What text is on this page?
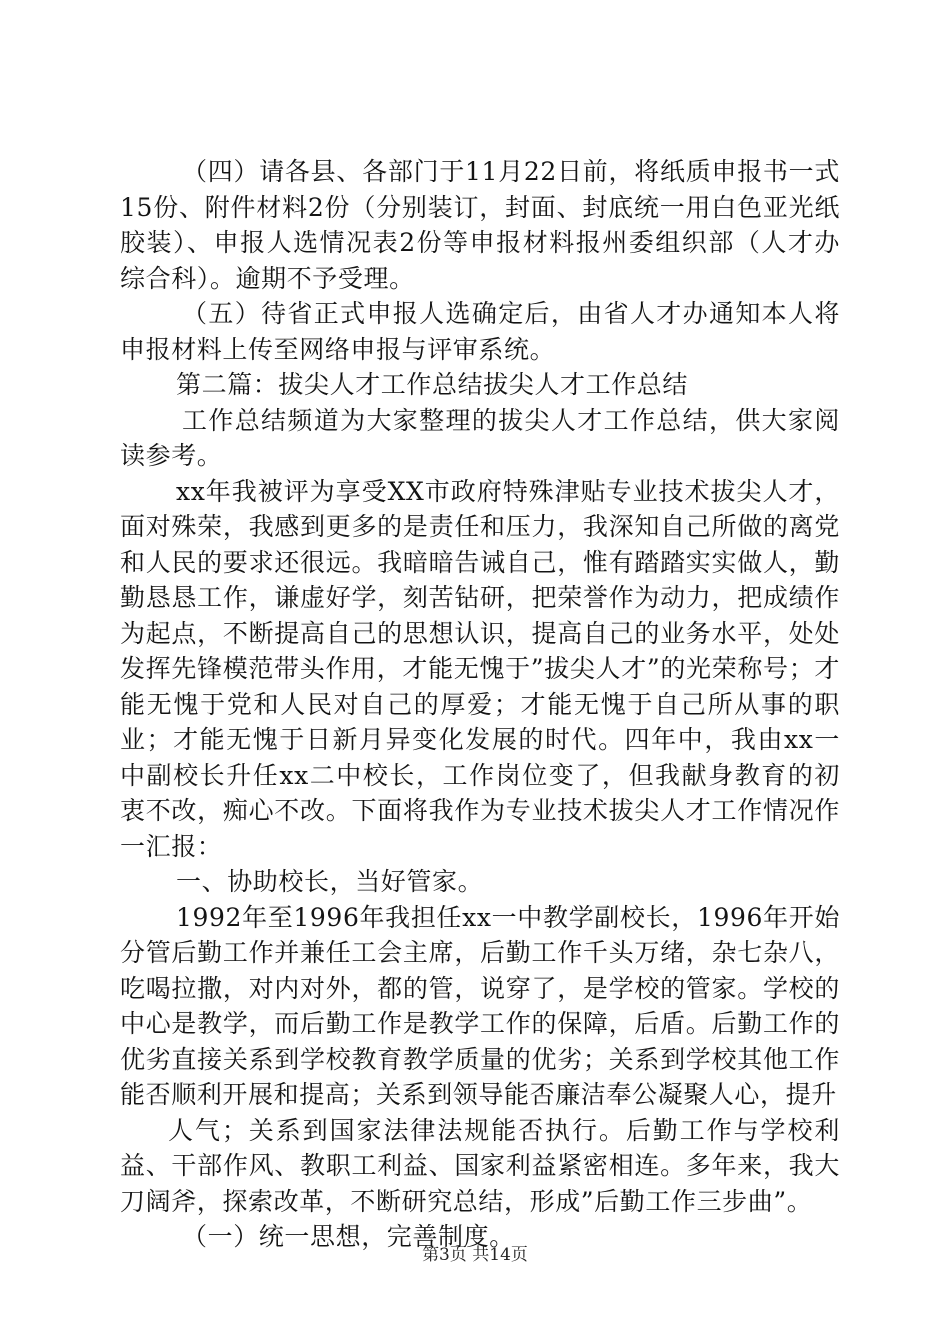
（四）请各县、各部门于11月22日前，将纸质申报书一式15份、附件材料2份（分别装订，封面、封底统一用白色亚光纸胶装）、申报人选情况表2份等申报材料报州委组织部（人才办综合科）。逾期不予受理。

（五）待省正式申报人选确定后，由省人才办通知本人将申报材料上传至网络申报与评审系统。

第二篇：拔尖人才工作总结拔尖人才工作总结

工作总结频道为大家整理的拔尖人才工作总结，供大家阅读参考。

xx年我被评为享受XX市政府特殊津贴专业技术拔尖人才，面对殊荣，我感到更多的是责任和压力，我深知自己所做的离党和人民的要求还很远。我暗暗告诫自己，惟有踏踏实实做人，勤勤恳恳工作，谦虚好学，刻苦钻研，把荣誉作为动力，把成绩作为起点，不断提高自己的思想认识，提高自己的业务水平，处处发挥先锋模范带头作用，才能无愧于”拔尖人才”的光荣称号；才能无愧于党和人民对自己的厚爱；才能无愧于自己所从事的职业；才能无愧于日新月异变化发展的时代。四年中，我由xx一中副校长升任xx二中校长，工作岗位变了，但我献身教育的初衷不改，痴心不改。下面将我作为专业技术拔尖人才工作情况作一汇报：

一、协助校长，当好管家。

1992年至1996年我担任xx一中教学副校长，1996年开始分管后勤工作并兼任工会主席，后勤工作千头万绪，杂七杂八，吃喝拉撒，对内对外，都的管，说穿了，是学校的管家。学校的中心是教学，而后勤工作是教学工作的保障，后盾。后勤工作的优劣直接关系到学校教育教学质量的优劣；关系到学校其他工作能否顺利开展和提高；关系到领导能否廉洁奉公凝聚人心，提升

人气；关系到国家法律法规能否执行。后勤工作与学校利益、干部作风、教职工利益、国家利益紧密相连。多年来，我大刀阔斧，探索改革，不断研究总结，形成”后勤工作三步曲”。

（一）统一思想，完善制度。

第3页 共14页
